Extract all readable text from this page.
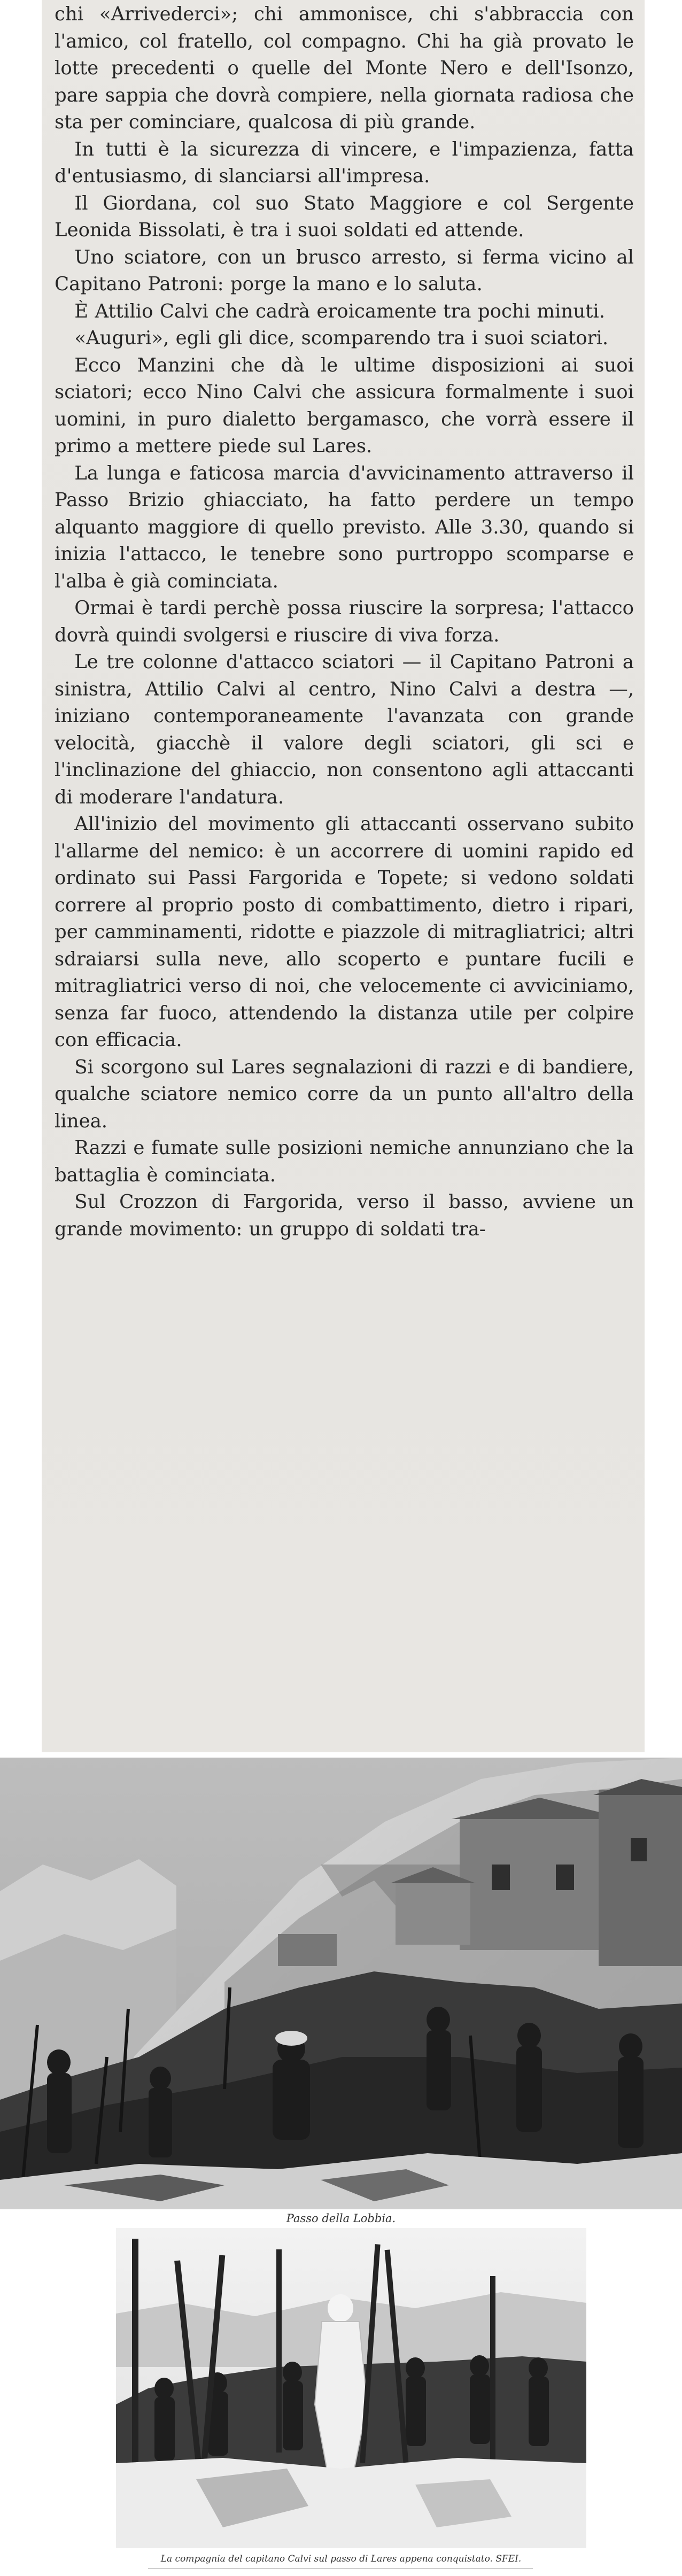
chi «Arrivederci»; chi ammonisce, chi s'abbraccia con l'amico, col fratello, col compagno. Chi ha già provato le lotte precedenti o quelle del Monte Nero e dell'Isonzo, pare sappia che dovrà compiere, nella giornata radiosa che sta per cominciare, qualcosa di più grande.

In tutti è la sicurezza di vincere, e l'impazienza, fatta d'entusiasmo, di slanciarsi all'impresa.

Il Giordana, col suo Stato Maggiore e col Sergente Leonida Bissolati, è tra i suoi soldati ed attende.

Uno sciatore, con un brusco arresto, si ferma vicino al Capitano Patroni: porge la mano e lo saluta.

È Attilio Calvi che cadrà eroicamente tra pochi minuti.

«Auguri», egli gli dice, scomparendo tra i suoi sciatori.

Ecco Manzini che dà le ultime disposizioni ai suoi sciatori; ecco Nino Calvi che assicura formalmente i suoi uomini, in puro dialetto bergamasco, che vorrà essere il primo a mettere piede sul Lares.

La lunga e faticosa marcia d'avvicinamento attraverso il Passo Brizio ghiacciato, ha fatto perdere un tempo alquanto maggiore di quello previsto. Alle 3.30, quando si inizia l'attacco, le tenebre sono purtroppo scomparse e l'alba è già cominciata.

Ormai è tardi perchè possa riuscire la sorpresa; l'attacco dovrà quindi svolgersi e riuscire di viva forza.

Le tre colonne d'attacco sciatori — il Capitano Patroni a sinistra, Attilio Calvi al centro, Nino Calvi a destra —, iniziano contemporaneamente l'avanzata con grande velocità, giacchè il valore degli sciatori, gli sci e l'inclinazione del ghiaccio, non consentono agli attaccanti di moderare l'andatura.

All'inizio del movimento gli attaccanti osservano subito l'allarme del nemico: è un accorrere di uomini rapido ed ordinato sui Passi Fargorida e Topete; si vedono soldati correre al proprio posto di combattimento, dietro i ripari, per camminamenti, ridotte e piazzole di mitragliatrici; altri sdraiarsi sulla neve, allo scoperto e puntare fucili e mitragliatrici verso di noi, che velocemente ci avviciniamo, senza far fuoco, attendendo la distanza utile per colpire con efficacia.

Si scorgono sul Lares segnalazioni di razzi e di bandiere, qualche sciatore nemico corre da un punto all'altro della linea.

Razzi e fumate sulle posizioni nemiche annunziano che la battaglia è cominciata.

Sul Crozzon di Fargorida, verso il basso, avviene un grande movimento: un gruppo di soldati tra-

Passo della Lobbia.
La compagnia del capitano Calvi sul passo di Lares appena conquistato. SFEI.
